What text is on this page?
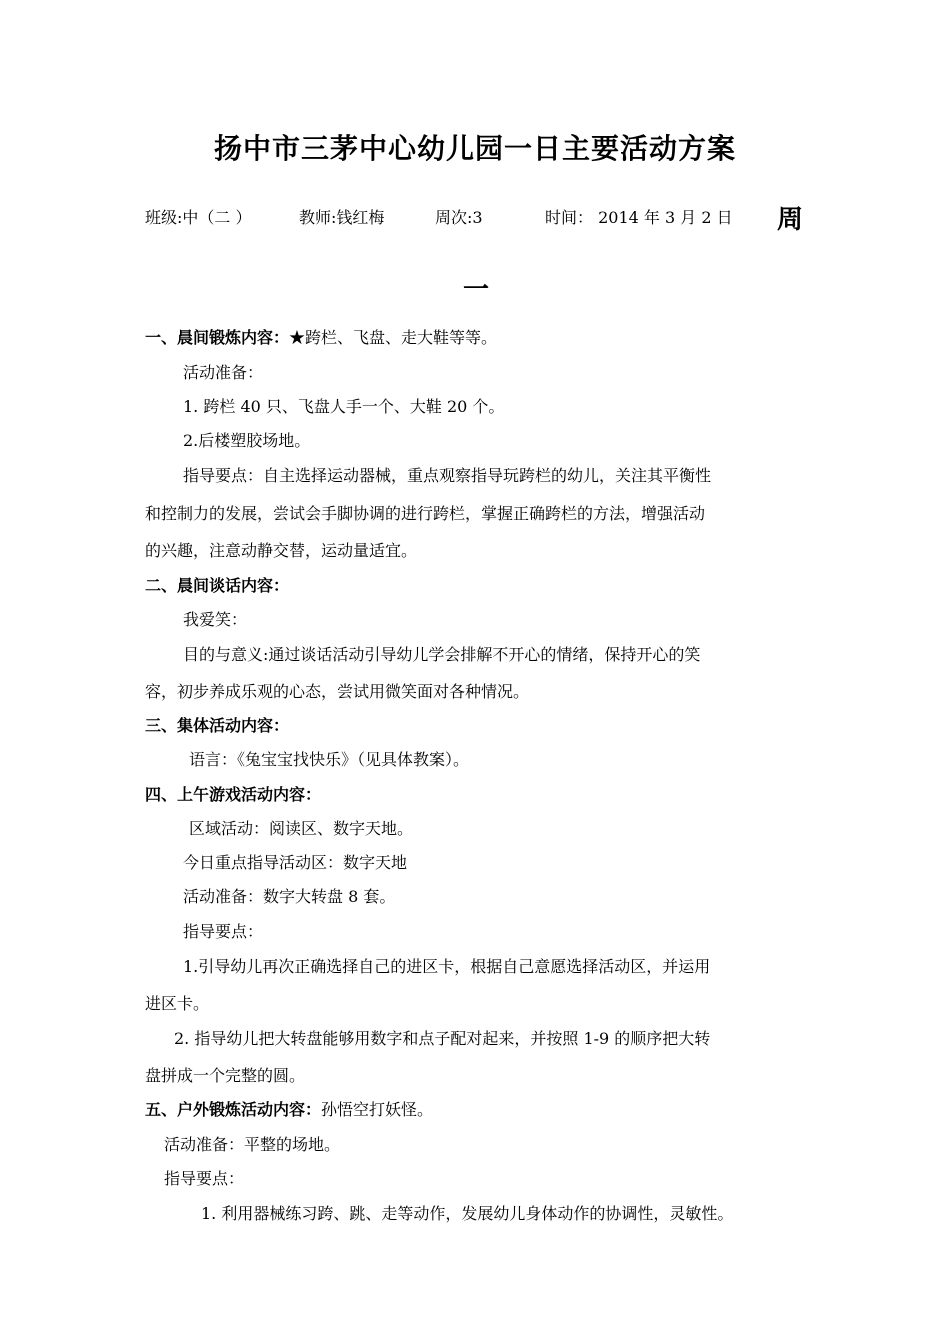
扬中市三茅中心幼儿园一日主要活动方案
班级:中（二 ）	教师:钱红梅	周次:3	时间： 2014 年 3 月 2 日 周
一
一、晨间锻炼内容：★跨栏、飞盘、走大鞋等等。
活动准备：
1. 跨栏 40 只、飞盘人手一个、大鞋 20 个。
2.后楼塑胶场地。
指导要点：自主选择运动器械，重点观察指导玩跨栏的幼儿，关注其平衡性
和控制力的发展，尝试会手脚协调的进行跨栏，掌握正确跨栏的方法，增强活动
的兴趣，注意动静交替，运动量适宜。
二、晨间谈话内容：
我爱笑：
目的与意义:通过谈话活动引导幼儿学会排解不开心的情绪，保持开心的笑
容，初步养成乐观的心态，尝试用微笑面对各种情况。
三、集体活动内容：
语言：《兔宝宝找快乐》（见具体教案）。
四、上午游戏活动内容：
区域活动：阅读区、数字天地。
今日重点指导活动区：数字天地
活动准备：数字大转盘 8 套。
指导要点：
1.引导幼儿再次正确选择自己的进区卡，根据自己意愿选择活动区，并运用
进区卡。
2. 指导幼儿把大转盘能够用数字和点子配对起来，并按照 1-9 的顺序把大转
盘拼成一个完整的圆。
五、户外锻炼活动内容：孙悟空打妖怪。
活动准备：平整的场地。
指导要点：
1. 利用器械练习跨、跳、走等动作，发展幼儿身体动作的协调性，灵敏性。
